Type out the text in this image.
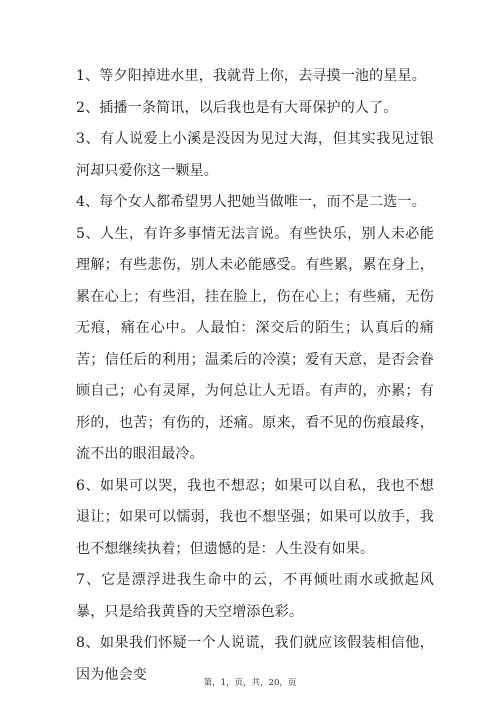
1、等夕阳掉进水里，我就背上你，去寻摸一池的星星。

2、插播一条简讯，以后我也是有大哥保护的人了。

3、有人说爱上小溪是没因为见过大海，但其实我见过银河却只爱你这一颗星。

4、每个女人都希望男人把她当做唯一，而不是二选一。

5、人生，有许多事情无法言说。有些快乐，别人未必能理解；有些悲伤，别人未必能感受。有些累，累在身上，累在心上；有些泪，挂在脸上，伤在心上；有些痛，无伤无痕，痛在心中。人最怕：深交后的陌生；认真后的痛苦；信任后的利用；温柔后的冷漠；爱有天意，是否会眷顾自己；心有灵犀，为何总让人无语。有声的，亦累；有形的，也苦；有伤的，还痛。原来，看不见的伤痕最疼，流不出的眼泪最冷。

6、如果可以哭，我也不想忍；如果可以自私，我也不想退让；如果可以懦弱，我也不想坚强；如果可以放手，我也不想继续执着；但遗憾的是：人生没有如果。

7、它是漂浮进我生命中的云，不再倾吐雨水或掀起风暴，只是给我黄昏的天空增添色彩。

8、如果我们怀疑一个人说谎，我们就应该假装相信他，因为他会变

第，1，页，共，20，页
